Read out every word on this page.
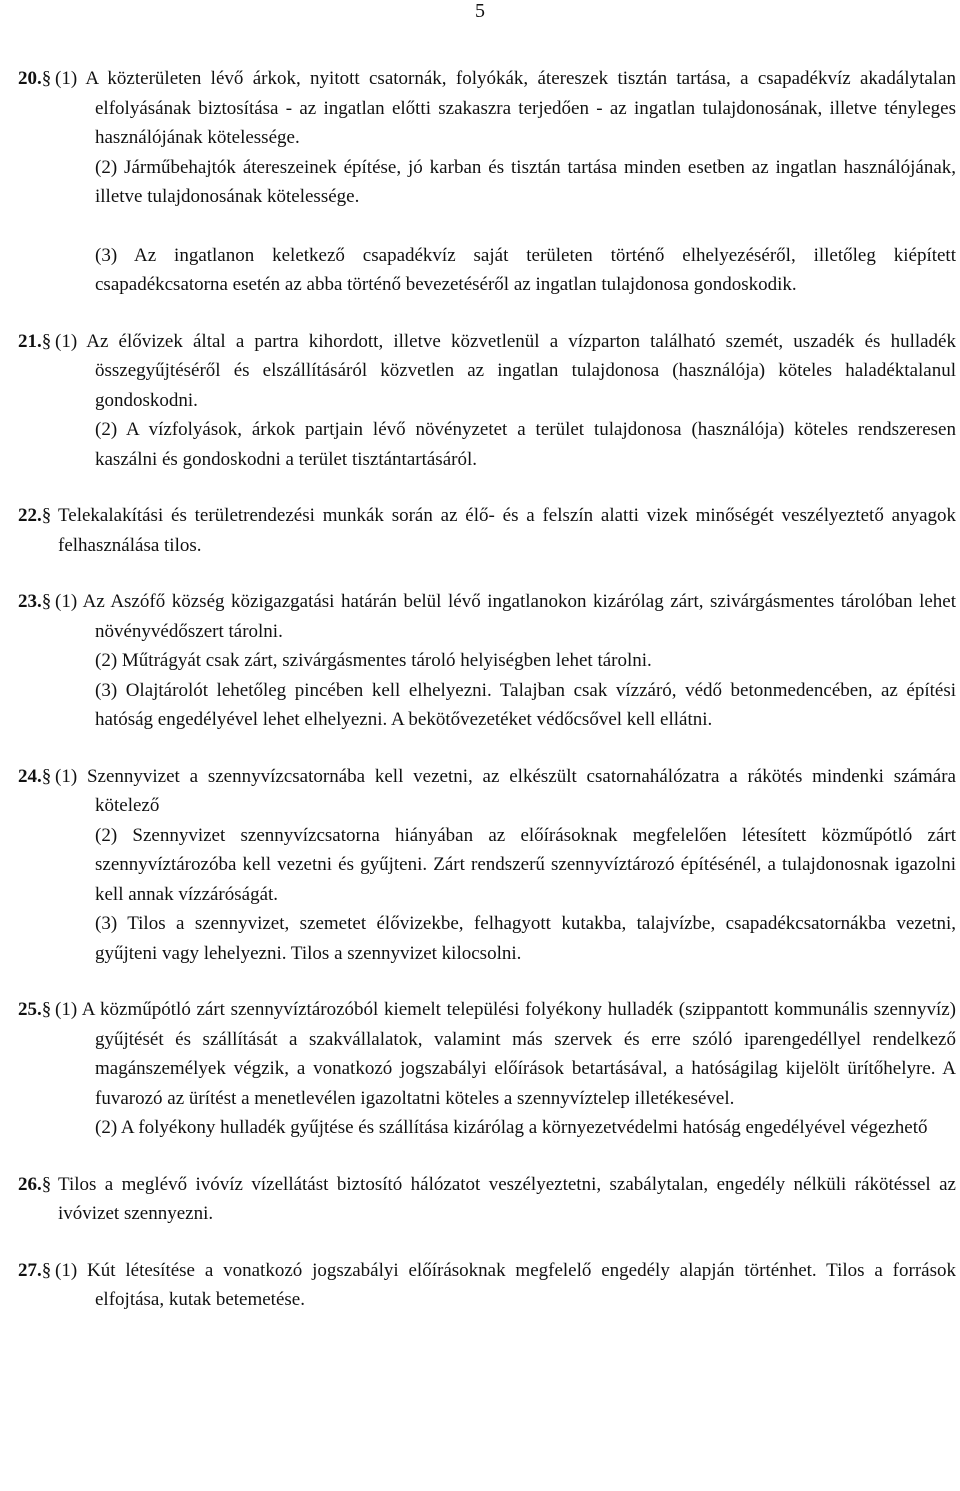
5
20.§ (1) A közterületen lévő árkok, nyitott csatornák, folyókák, átereszek tisztán tartása, a csapadékvíz akadálytalan elfolyásának biztosítása - az ingatlan előtti szakaszra terjedően - az ingatlan tulajdonosának, illetve tényleges használójának kötelessége.

(2) Járműbehajtók átereszeinek építése, jó karban és tisztán tartása minden esetben az ingatlan használójának, illetve tulajdonosának kötelessége.

(3) Az ingatlanon keletkező csapadékvíz saját területen történő elhelyezéséről, illetőleg kiépített csapadékcsatorna esetén az abba történő bevezetéséről az ingatlan tulajdonosa gondoskodik.

21.§ (1) Az élővizek által a partra kihordott, illetve közvetlenül a vízparton található szemét, uszadék és hulladék összegyűjtéséről és elszállításáról közvetlen az ingatlan tulajdonosa (használója) köteles haladéktalanul gondoskodni.

(2) A vízfolyások, árkok partjain lévő növényzetet a terület tulajdonosa (használója) köteles rendszeresen kaszálni és gondoskodni a terület tisztántartásáról.

22.§ Telekalakítási és területrendezési munkák során az élő- és a felszín alatti vizek minőségét veszélyeztető anyagok felhasználása tilos.

23.§ (1) Az Aszófő község közigazgatási határán belül lévő ingatlanokon kizárólag zárt, szivárgásmentes tárolóban lehet növényvédőszert tárolni.

(2) Műtrágyát csak zárt, szivárgásmentes tároló helyiségben lehet tárolni.

(3) Olajtárolót lehetőleg pincében kell elhelyezni. Talajban csak vízzáró, védő betonmedencében, az építési hatóság engedélyével lehet elhelyezni. A bekötővezetéket védőcsővel kell ellátni.

24.§ (1) Szennyvizet a szennyvízcsatornába kell vezetni, az elkészült csatornahálózatra a rákötés mindenki számára kötelező

(2) Szennyvizet szennyvízcsatorna hiányában az előírásoknak megfelelően létesített közműpótló zárt szennyvíztározóba kell vezetni és gyűjteni. Zárt rendszerű szennyvíztározó építésénél, a tulajdonosnak igazolni kell annak vízzáróságát.

(3) Tilos a szennyvizet, szemetet élővizekbe, felhagyott kutakba, talajvízbe, csapadékcsatornákba vezetni, gyűjteni vagy lehelyezni. Tilos a szennyvizet kilocsolni.

25.§ (1) A közműpótló zárt szennyvíztározóból kiemelt települési folyékony hulladék (szippantott kommunális szennyvíz) gyűjtését és szállítását a szakvállalatok, valamint más szervek és erre szóló iparengedéllyel rendelkező magánszemélyek végzik, a vonatkozó jogszabályi előírások betartásával, a hatóságilag kijelölt ürítőhelyre. A fuvarozó az ürítést a menetlevélen igazoltatni köteles a szennyvíztelep illetékesével.

(2) A folyékony hulladék gyűjtése és szállítása kizárólag a környezetvédelmi hatóság engedélyével végezhető

26.§ Tilos a meglévő ivóvíz vízellátást biztosító hálózatot veszélyeztetni, szabálytalan, engedély nélküli rákötéssel az ivóvizet szennyezni.

27.§ (1) Kút létesítése a vonatkozó jogszabályi előírásoknak megfelelő engedély alapján történhet. Tilos a források elfojtása, kutak betemetése.
